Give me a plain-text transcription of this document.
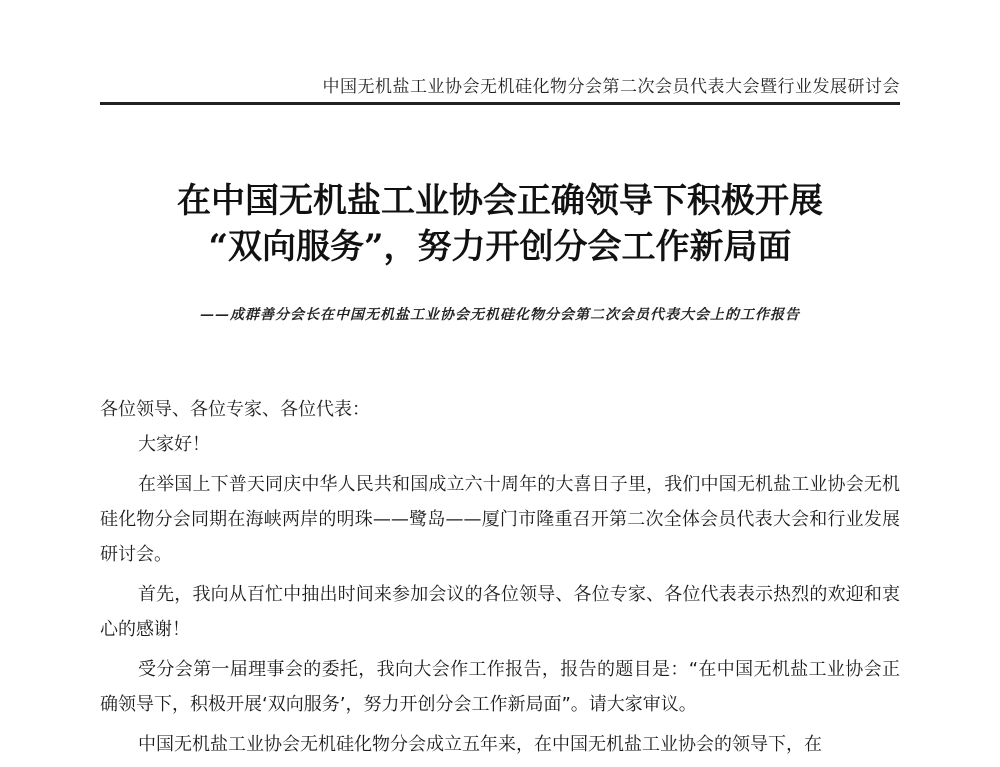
中国无机盐工业协会无机硅化物分会第二次会员代表大会暨行业发展研讨会
在中国无机盐工业协会正确领导下积极开展
“双向服务”，努力开创分会工作新局面
——成群善分会长在中国无机盐工业协会无机硅化物分会第二次会员代表大会上的工作报告

各位领导、各位专家、各位代表：

大家好！

在举国上下普天同庆中华人民共和国成立六十周年的大喜日子里，我们中国无机盐工业协会无机硅化物分会同期在海峡两岸的明珠——鹭岛——厦门市隆重召开第二次全体会员代表大会和行业发展研讨会。

首先，我向从百忙中抽出时间来参加会议的各位领导、各位专家、各位代表表示热烈的欢迎和衷心的感谢！

受分会第一届理事会的委托，我向大会作工作报告，报告的题目是：“在中国无机盐工业协会正确领导下，积极开展‘双向服务’，努力开创分会工作新局面”。请大家审议。

中国无机盐工业协会无机硅化物分会成立五年来，在中国无机盐工业协会的领导下，在
